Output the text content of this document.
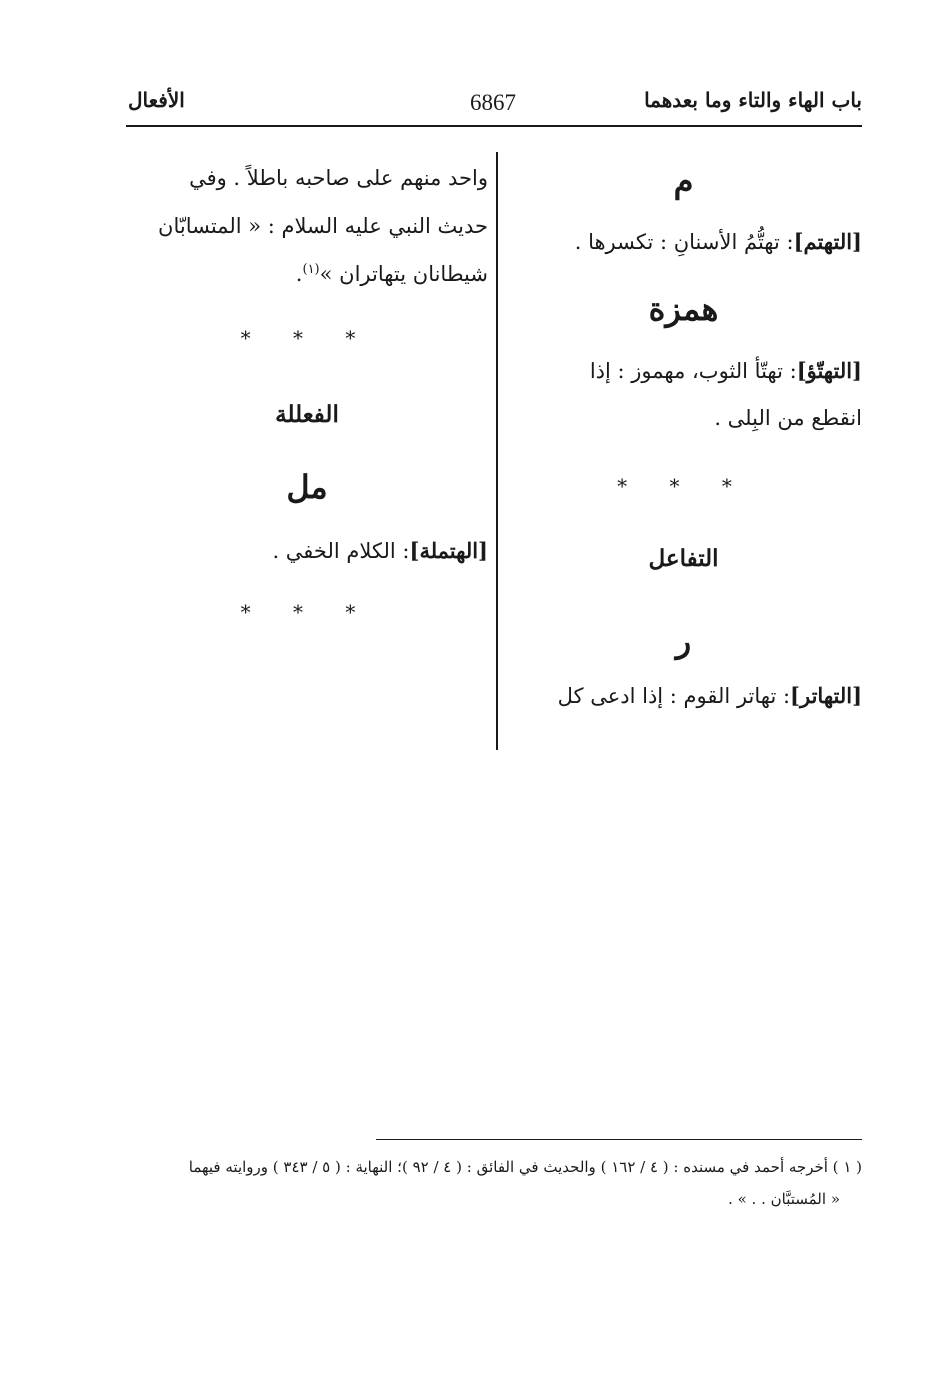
باب الهاء والتاء وما بعدهما
6867
الأفعال
م
[التهتم]: تهتُّمُ الأسنانِ : تكسرها .
همزة
[التهتّؤ]: تهتّأ الثوب، مهموز : إذا
انقطع من البِلى .
* * *
التفاعل
ر
[التهاتر]: تهاتر القوم : إذا ادعى كل
واحد منهم على صاحبه باطلاً . وفي
حديث النبي عليه السلام : « المتسابّان
شيطانان يتهاتران »$^{(١)}$.
* * *
الفعللة
مل
[الهتملة]: الكلام الخفي .
* * *
( ١ ) أخرجه أحمد في مسنده : ( ٤ / ١٦٢ ) والحديث في الفائق : ( ٤ / ٩٢ )؛ النهاية : ( ٥ / ٣٤٣ ) وروايته فيهما
« المُستبَّان . . » .
